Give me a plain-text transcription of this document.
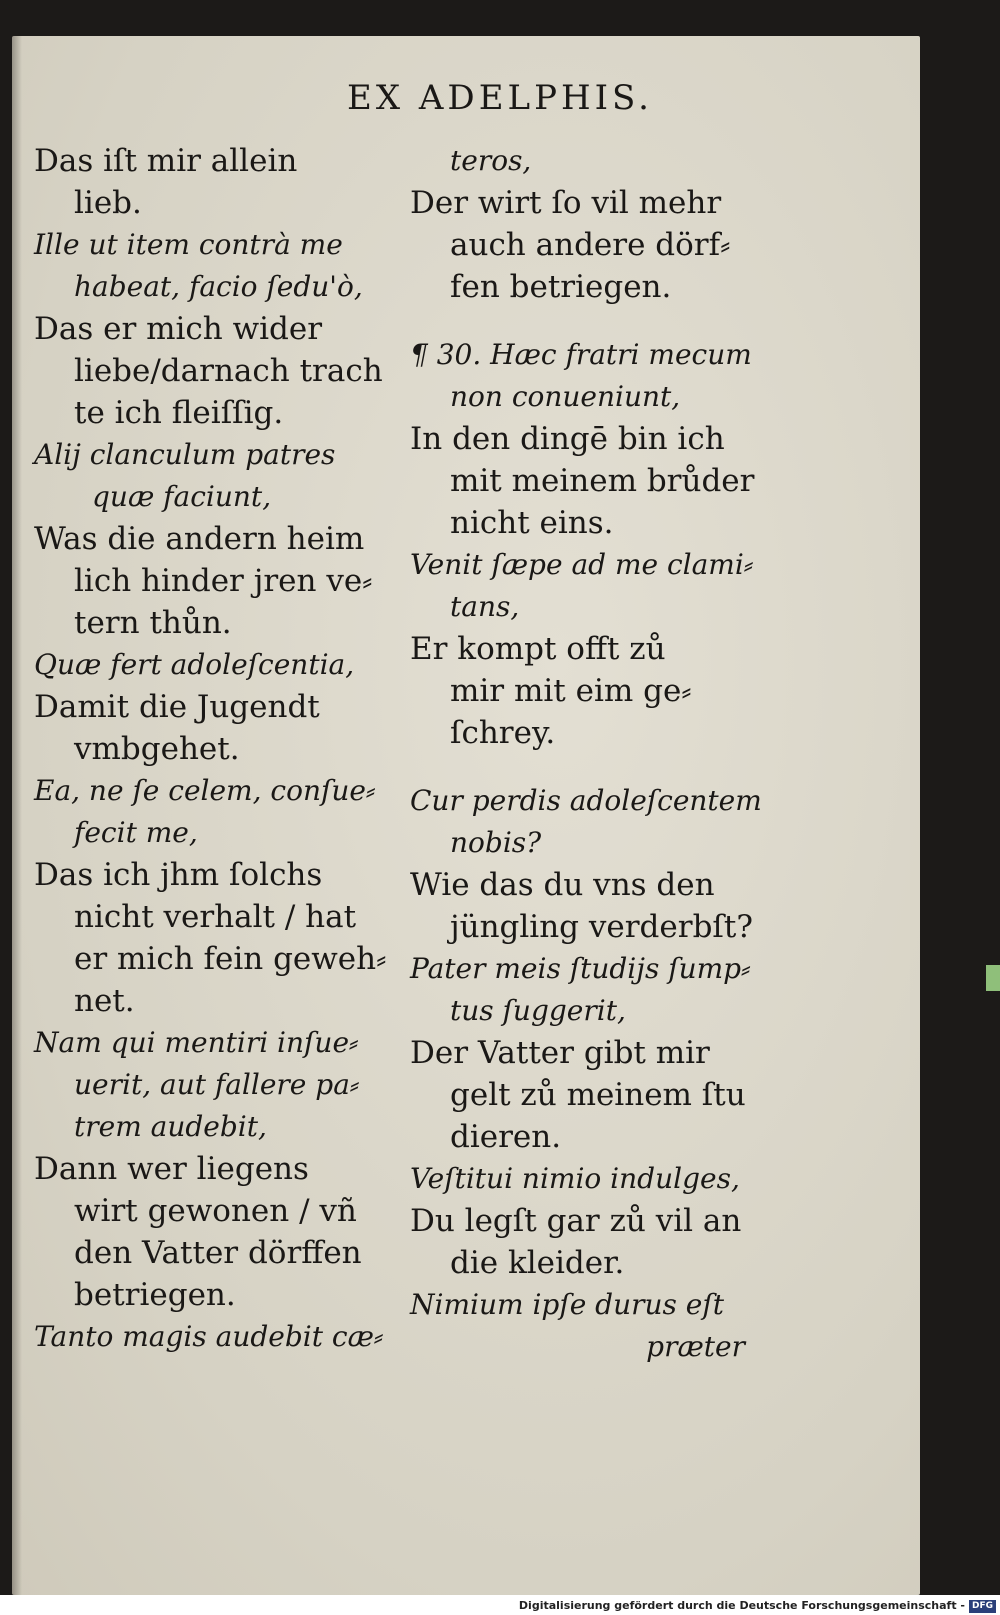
EX ADELPHIS.
Das iſt mir allein
lieb.
Ille ut item contrà me
habeat, facio ſedu'ò,
Das er mich wider
liebe/darnach trach
te ich fleiſſig.
Alij clanculum patres
quæ faciunt,
Was die andern heim
lich hinder jren ve⸗
tern thůn.
Quæ fert adoleſcentia,
Damit die Jugendt
vmbgehet.
Ea, ne ſe celem, conſue⸗
fecit me,
Das ich jhm ſolchs
nicht verhalt / hat
er mich fein geweh⸗
net.
Nam qui mentiri inſue⸗
uerit, aut fallere pa⸗
trem audebit,
Dann wer liegens
wirt gewonen / vñ
den Vatter dörffen
betriegen.
Tanto magis audebit cæ⸗
teros,
Der wirt ſo vil mehr
auch andere dörf⸗
fen betriegen.
¶ 30. Hæc fratri mecum
non conueniunt,
In den dingē bin ich
mit meinem brůder
nicht eins.
Venit ſæpe ad me clami⸗
tans,
Er kompt offt zů
mir mit eim ge⸗
ſchrey.
Cur perdis adoleſcentem
nobis?
Wie das du vns den
jüngling verderbſt?
Pater meis ſtudijs ſump⸗
tus ſuggerit,
Der Vatter gibt mir
gelt zů meinem ſtu
dieren.
Veſtitui nimio indulges,
Du legſt gar zů vil an
die kleider.
Nimium ipſe durus eſt
præter
Digitalisierung gefördert durch die Deutsche Forschungsgemeinschaft - DFG
